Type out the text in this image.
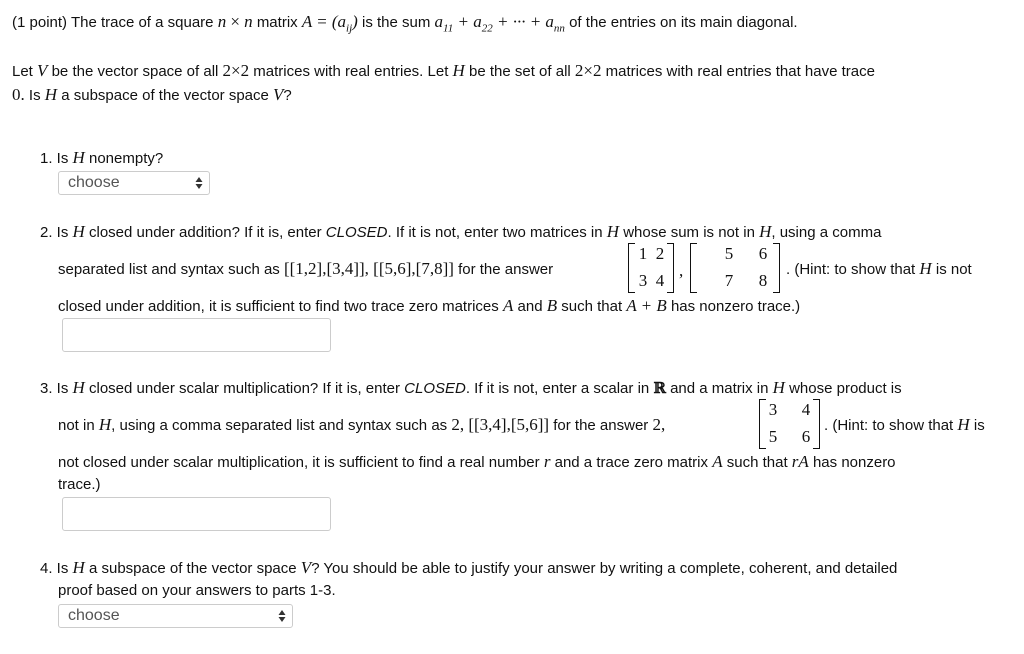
(1 point) The trace of a square n × n matrix $A = (a_{ij})$ is the sum $a_{11} + a_{22}$ + ··· + $a_{nn}$ of the entries on its main diagonal.
Let V be the vector space of all 2×2 matrices with real entries. Let H be the set of all 2×2 matrices with real entries that have trace
0. Is H a subspace of the vector space V?
1. Is H nonempty?
choose
2. Is H closed under addition? If it is, enter CLOSED. If it is not, enter two matrices in H whose sum is not in H, using a comma
separated list and syntax such as [[1,2],[3,4]], [[5,6],[7,8]] for the answer
1 2
3 4
,
5 6
7 8
. (Hint: to show that H is not
closed under addition, it is sufficient to find two trace zero matrices A and B such that A + B has nonzero trace.)
3. Is H closed under scalar multiplication? If it is, enter CLOSED. If it is not, enter a scalar in ℝ and a matrix in H whose product is
not in H, using a comma separated list and syntax such as 2, [[3,4],[5,6]] for the answer 2,
3 4
5 6
. (Hint: to show that H is
not closed under scalar multiplication, it is sufficient to find a real number r and a trace zero matrix A such that rA has nonzero
trace.)
4. Is H a subspace of the vector space V? You should be able to justify your answer by writing a complete, coherent, and detailed
proof based on your answers to parts 1-3.
choose
